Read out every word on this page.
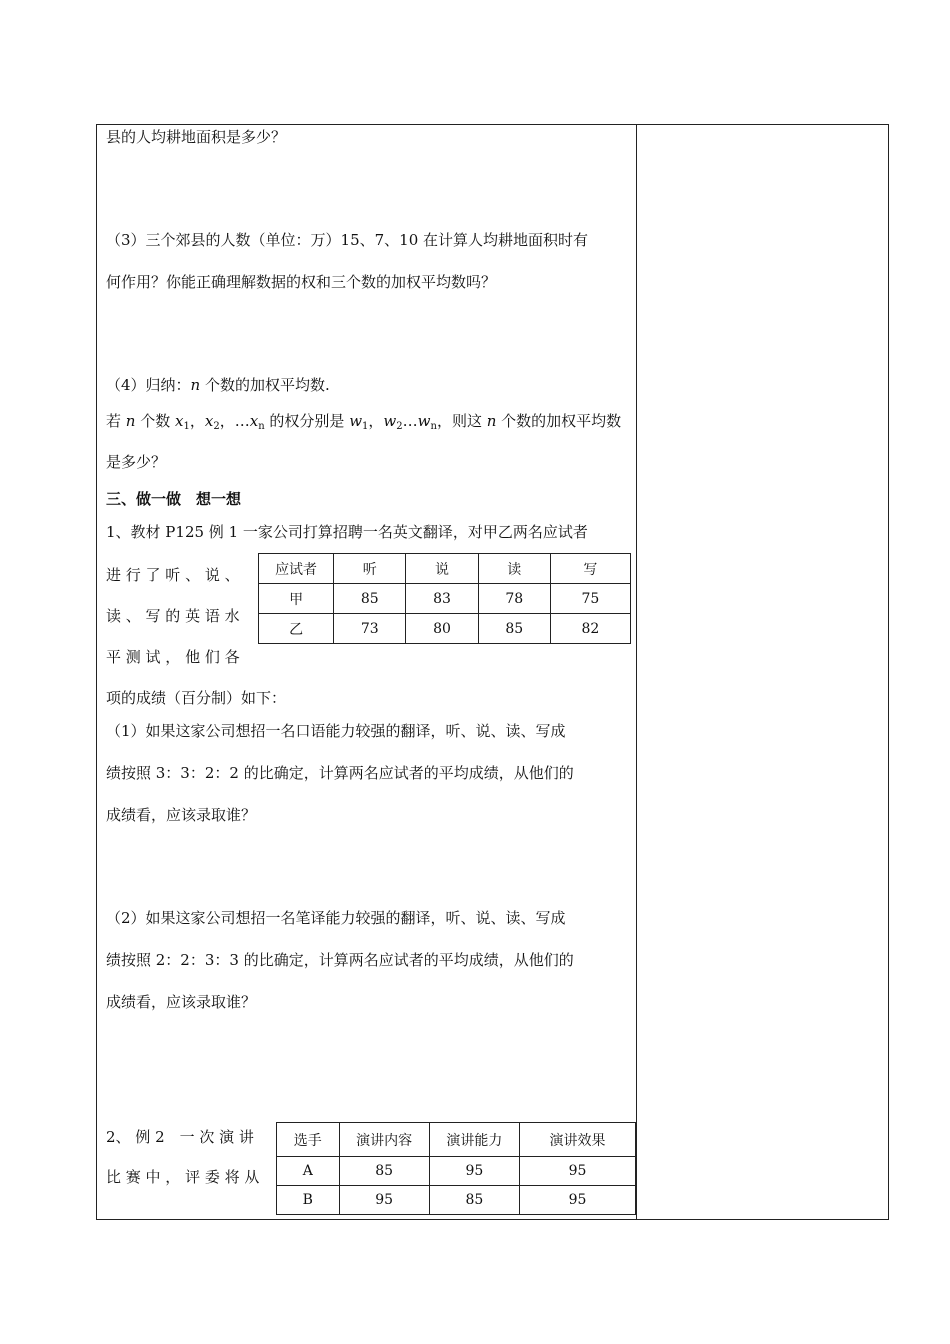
县的人均耕地面积是多少？
（3）三个郊县的人数（单位：万）15、7、10 在计算人均耕地面积时有
何作用？你能正确理解数据的权和三个数的加权平均数吗？
（4）归纳：n 个数的加权平均数.
若 n 个数 $x_1$，$x_2$，$\dots x_n$ 的权分别是 $w_1$，$w_2\dots w_n$，则这 n 个数的加权平均数
是多少？
三、做一做　想一想
1、教材 P125 例 1 一家公司打算招聘一名英文翻译，对甲乙两名应试者
进 行 了 听 、 说 、
读 、 写 的 英 语 水
平 测 试 ， 他 们 各
项的成绩（百分制）如下：
应试者	听	说	读	写
甲	85	83	78	75
乙	73	80	85	82
（1）如果这家公司想招一名口语能力较强的翻译，听、说、读、写成
绩按照 3：3：2：2 的比确定，计算两名应试者的平均成绩，从他们的
成绩看，应该录取谁？
（2）如果这家公司想招一名笔译能力较强的翻译，听、说、读、写成
绩按照 2：2：3：3 的比确定，计算两名应试者的平均成绩，从他们的
成绩看，应该录取谁？
2、 例 2　一 次 演 讲
比 赛 中 ， 评 委 将 从
选手	演讲内容	演讲能力	演讲效果
A	85	95	95
B	95	85	95
